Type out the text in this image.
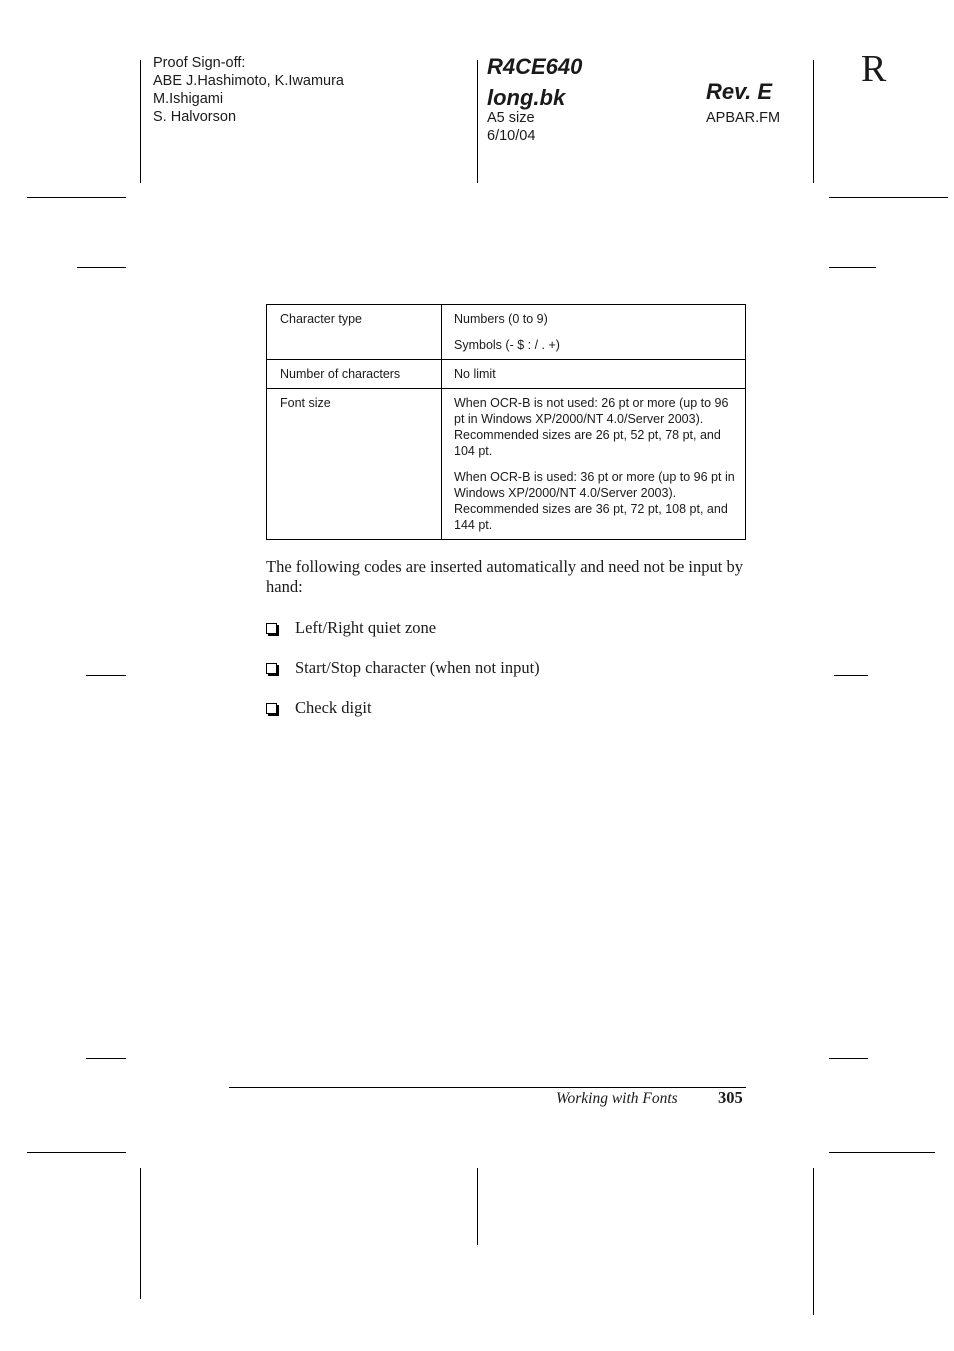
Proof Sign-off:
ABE J.Hashimoto, K.Iwamura
M.Ishigami
S. Halvorson
R4CE640
long.bk
A5 size
6/10/04
Rev. E
APBAR.FM
R
Character type	Numbers (0 to 9)

Symbols (- $ : / . +)

Number of characters	No limit

Font size	When OCR-B is not used: 26 pt or more (up to 96 pt in Windows XP/2000/NT 4.0/Server 2003). Recommended sizes are 26 pt, 52 pt, 78 pt, and 104 pt.

When OCR-B is used: 36 pt or more (up to 96 pt in Windows XP/2000/NT 4.0/Server 2003). Recommended sizes are 36 pt, 72 pt, 108 pt, and 144 pt.

The following codes are inserted automatically and need not be input by hand:
Left/Right quiet zone
Start/Stop character (when not input)
Check digit
Working with Fonts 305
